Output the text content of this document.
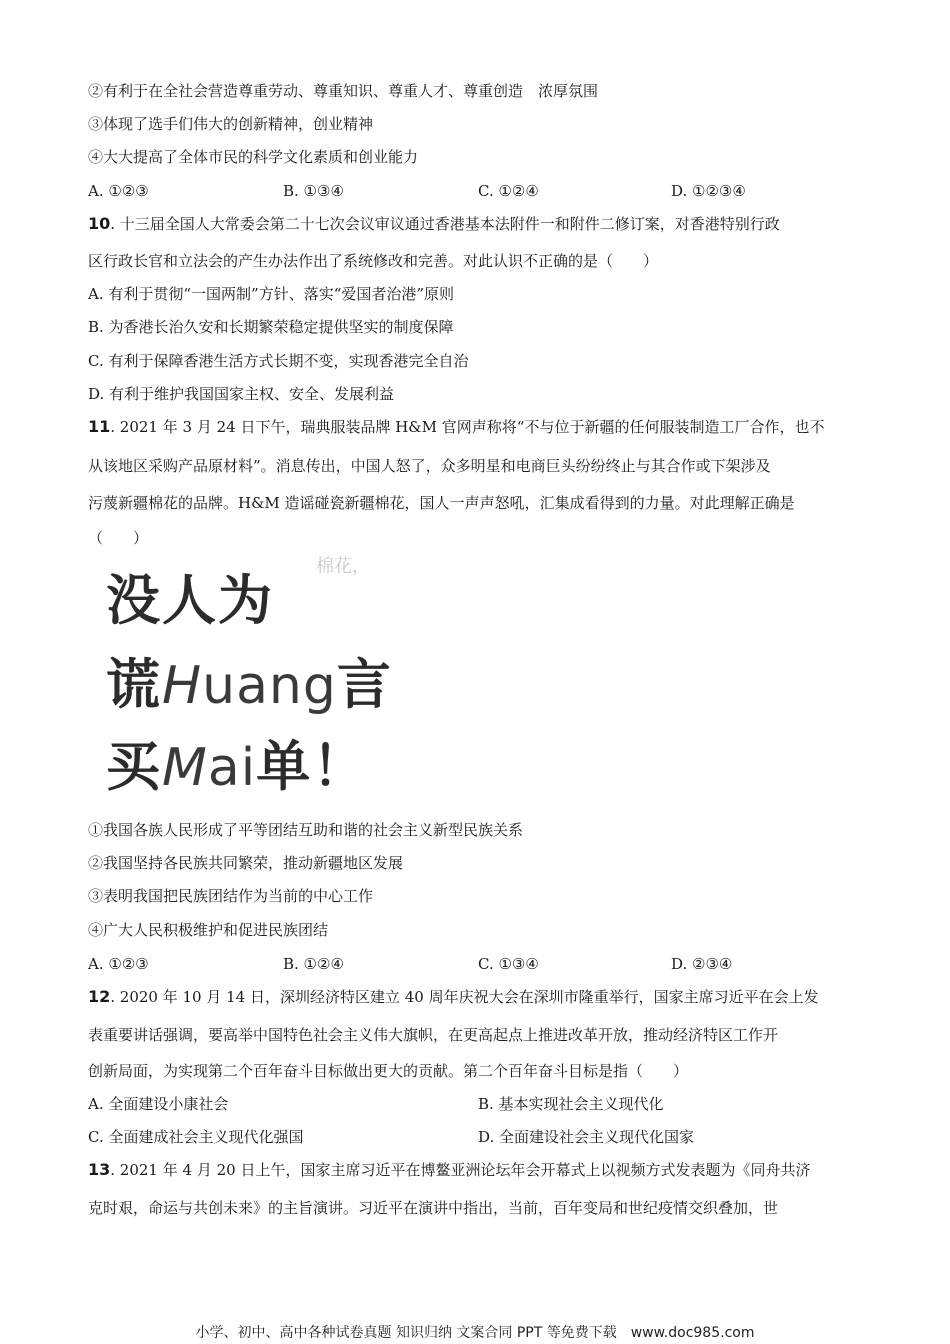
②有利于在全社会营造尊重劳动、尊重知识、尊重人才、尊重创造　浓厚氛围
③体现了选手们伟大的创新精神，创业精神
④大大提高了全体市民的科学文化素质和创业能力
A. ①②③	B. ①③④	C. ①②④	D. ①②③④
10. 十三届全国人大常委会第二十七次会议审议通过香港基本法附件一和附件二修订案，对香港特别行政
区行政长官和立法会的产生办法作出了系统修改和完善。对此认识不正确的是（　　）
A. 有利于贯彻“一国两制”方针、落实“爱国者治港”原则
B. 为香港长治久安和长期繁荣稳定提供坚实的制度保障
C. 有利于保障香港生活方式长期不变，实现香港完全自治
D. 有利于维护我国国家主权、安全、发展利益
11. 2021 年 3 月 24 日下午，瑞典服装品牌 H&M 官网声称将“不与位于新疆的任何服装制造工厂合作，也不
从该地区采购产品原材料”。消息传出，中国人怒了，众多明星和电商巨头纷纷终止与其合作或下架涉及
污蔑新疆棉花的品牌。H&M 造谣碰瓷新疆棉花，国人一声声怒吼，汇集成看得到的力量。对此理解正确是
（　　）
棉花，
没人为
谎Huang言
买Mai单！
①我国各族人民形成了平等团结互助和谐的社会主义新型民族关系
②我国坚持各民族共同繁荣，推动新疆地区发展
③表明我国把民族团结作为当前的中心工作
④广大人民积极维护和促进民族团结
A. ①②③	B. ①②④	C. ①③④	D. ②③④
12. 2020 年 10 月 14 日，深圳经济特区建立 40 周年庆祝大会在深圳市隆重举行，国家主席习近平在会上发
表重要讲话强调，要高举中国特色社会主义伟大旗帜，在更高起点上推进改革开放，推动经济特区工作开
创新局面，为实现第二个百年奋斗目标做出更大的贡献。第二个百年奋斗目标是指（　　）
A. 全面建设小康社会	B. 基本实现社会主义现代化
C. 全面建成社会主义现代化强国	D. 全面建设社会主义现代化国家
13. 2021 年 4 月 20 日上午，国家主席习近平在博鳌亚洲论坛年会开幕式上以视频方式发表题为《同舟共济
克时艰，命运与共创未来》的主旨演讲。习近平在演讲中指出，当前，百年变局和世纪疫情交织叠加，世
小学、初中、高中各种试卷真题 知识归纳 文案合同 PPT 等免费下载　www.doc985.com
